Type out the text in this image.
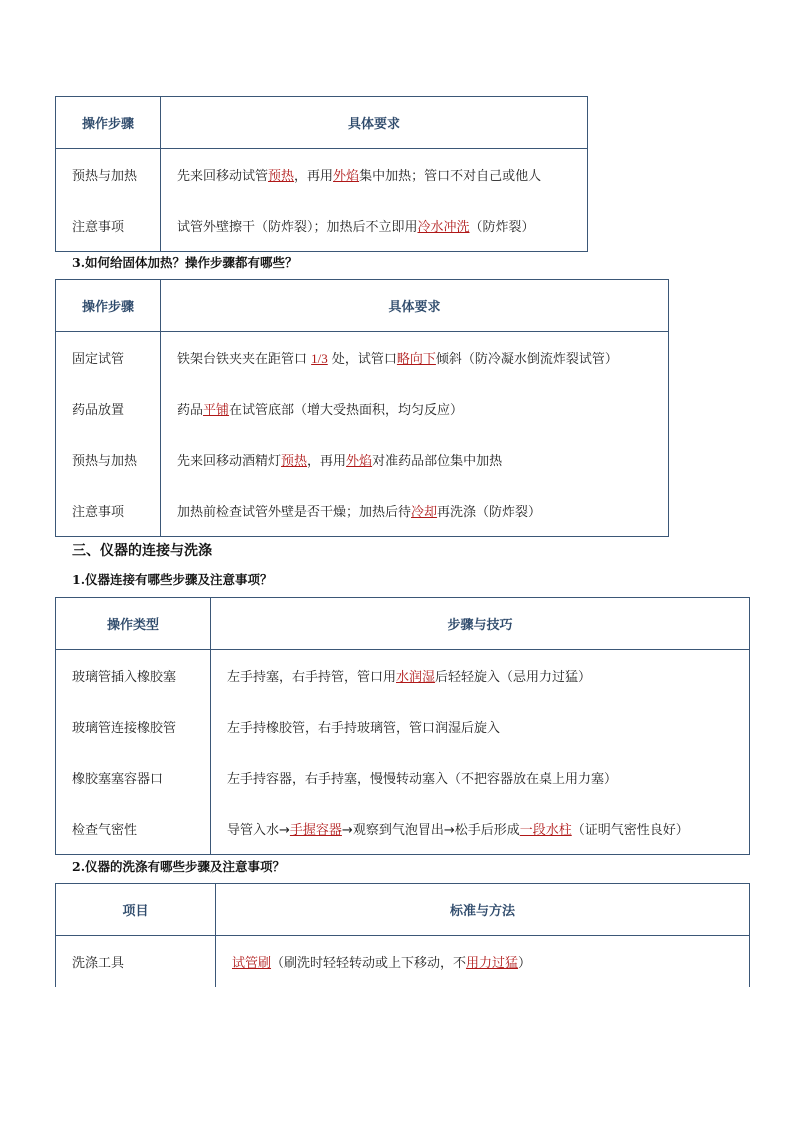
操作步骤	具体要求
预热与加热	先来回移动试管预热，再用外焰集中加热；管口不对自己或他人
注意事项	试管外壁擦干（防炸裂）；加热后不立即用冷水冲洗（防炸裂）
3.如何给固体加热？操作步骤都有哪些？
操作步骤	具体要求
固定试管	铁架台铁夹夹在距管口 1/3 处，试管口略向下倾斜（防冷凝水倒流炸裂试管）
药品放置	药品平铺在试管底部（增大受热面积，均匀反应）
预热与加热	先来回移动酒精灯预热，再用外焰对准药品部位集中加热
注意事项	加热前检查试管外壁是否干燥；加热后待冷却再洗涤（防炸裂）
三、仪器的连接与洗涤
1.仪器连接有哪些步骤及注意事项？
操作类型	步骤与技巧
玻璃管插入橡胶塞	左手持塞，右手持管，管口用水润湿后轻轻旋入（忌用力过猛）
玻璃管连接橡胶管	左手持橡胶管，右手持玻璃管，管口润湿后旋入
橡胶塞塞容器口	左手持容器，右手持塞，慢慢转动塞入（不把容器放在桌上用力塞）
检查气密性	导管入水→手握容器→观察到气泡冒出→松手后形成一段水柱（证明气密性良好）
2.仪器的洗涤有哪些步骤及注意事项？
项目	标准与方法
洗涤工具	试管刷（刷洗时轻轻转动或上下移动，不用力过猛）
